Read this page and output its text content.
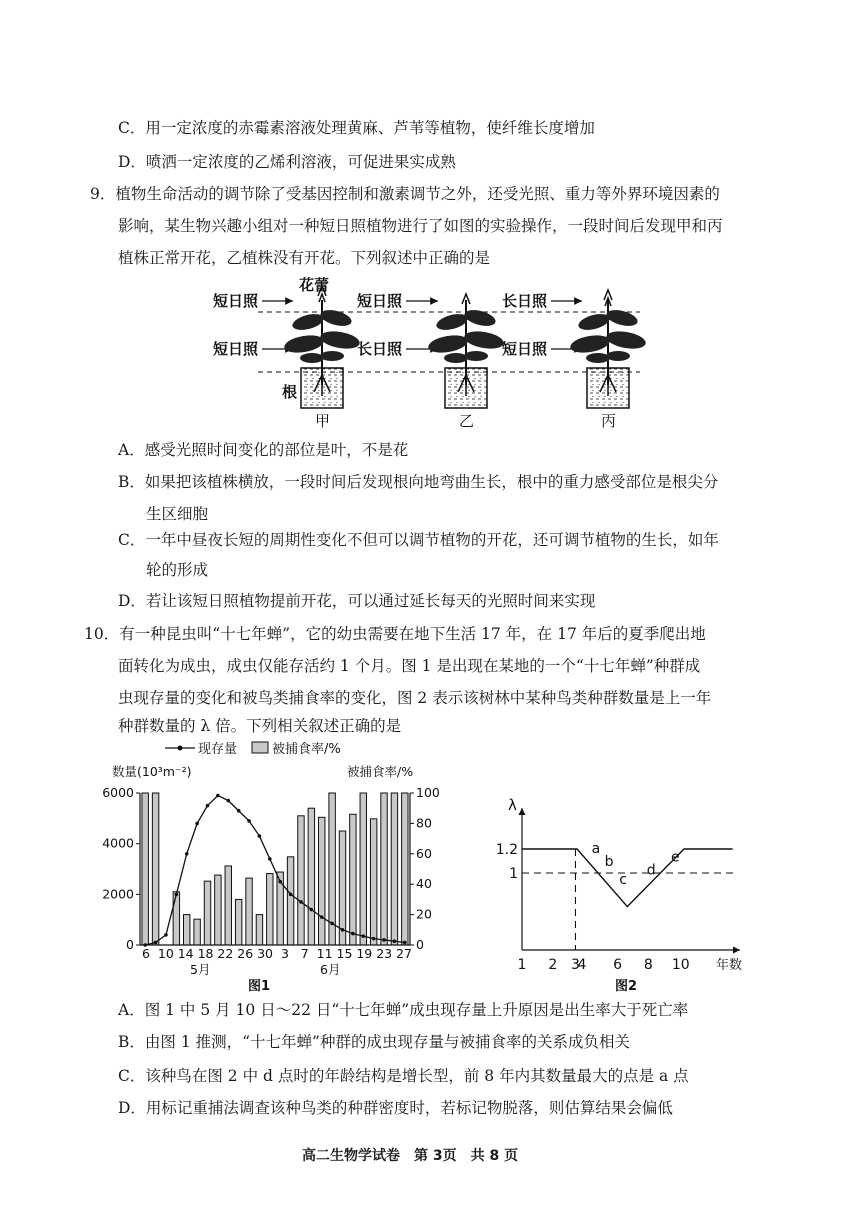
C．用一定浓度的赤霉素溶液处理黄麻、芦苇等植物，使纤维长度增加
D．喷洒一定浓度的乙烯利溶液，可促进果实成熟
9．植物生命活动的调节除了受基因控制和激素调节之外，还受光照、重力等外界环境因素的
影响，某生物兴趣小组对一种短日照植物进行了如图的实验操作，一段时间后发现甲和丙
植株正常开花，乙植株没有开花。下列叙述中正确的是
花蕾
根
短日照
短日照
甲
短日照
长日照
乙
长日照
短日照
丙
A．感受光照时间变化的部位是叶，不是花
B．如果把该植株横放，一段时间后发现根向地弯曲生长，根中的重力感受部位是根尖分
生区细胞
C．一年中昼夜长短的周期性变化不但可以调节植物的开花，还可调节植物的生长，如年
轮的形成
D．若让该短日照植物提前开花，可以通过延长每天的光照时间来实现
10．有一种昆虫叫“十七年蝉”，它的幼虫需要在地下生活 17 年，在 17 年后的夏季爬出地
面转化为成虫，成虫仅能存活约 1 个月。图 1 是出现在某地的一个“十七年蝉”种群成
虫现存量的变化和被鸟类捕食率的变化，图 2 表示该树林中某种鸟类种群数量是上一年
种群数量的 λ 倍。下列相关叙述正确的是
现存量	被捕食率/%
数量(10³m⁻²)	被捕食率/%
0
2000
4000
6000
0
20
40
60
80
100
6 10 14 18 22 26 30 3 7 11 15 19 23 27
5月	6月
图1
λ
年数
1.2
1
1 2 3
4 6 8 10
a
b
c
d
e
图2
A．图 1 中 5 月 10 日～22 日“十七年蝉”成虫现存量上升原因是出生率大于死亡率
B．由图 1 推测，“十七年蝉”种群的成虫现存量与被捕食率的关系成负相关
C．该种鸟在图 2 中 d 点时的年龄结构是增长型，前 8 年内其数量最大的点是 a 点
D．用标记重捕法调查该种鸟类的种群密度时，若标记物脱落，则估算结果会偏低
高二生物学试卷　第 3页　共 8 页
